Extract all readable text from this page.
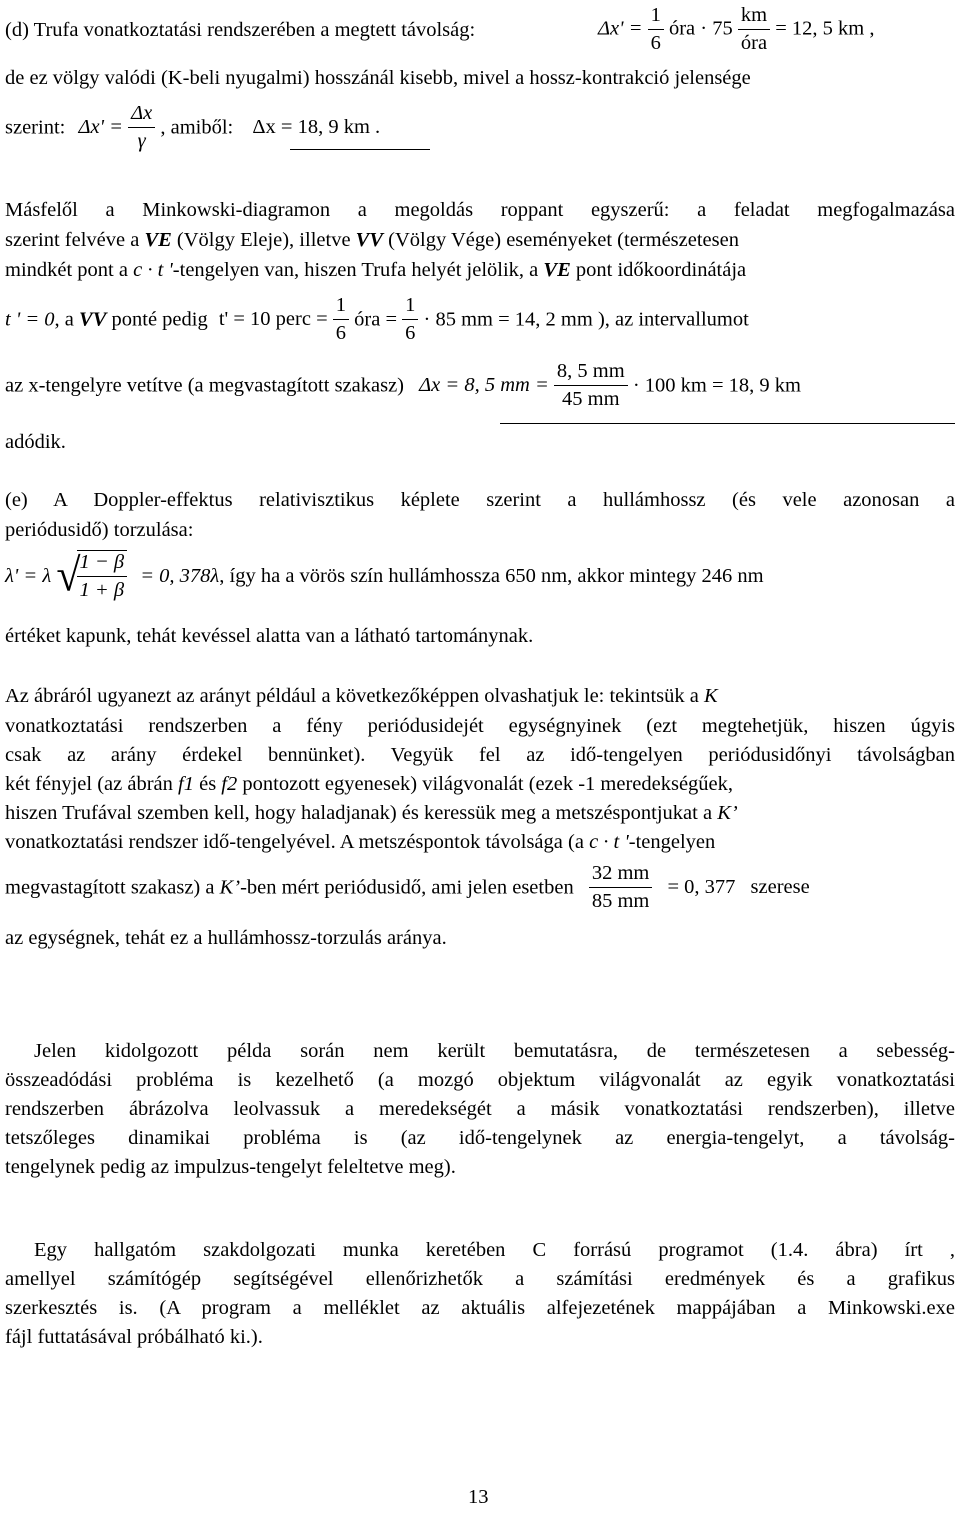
(d) Trufa vonatkoztatási rendszerében a megtett távolság:	$\Delta x' = \frac{1}{6}$ óra · $75 \frac{km}{\text{óra}} = 12$, 5 km ,
de ez völgy valódi (K-beli nyugalmi) hosszánál kisebb, mivel a hossz-kontrakció jelensége
szerint: $\Delta x' = \frac{\Delta x}{\gamma}$ , amiből: Δx = 18, 9 km .
Másfelől a Minkowski-diagramon a megoldás roppant egyszerű: a feladat megfogalmazása
szerint felvéve a VE (Völgy Eleje), illetve VV (Völgy Vége) eseményeket (természetesen
mindkét pont a c · t '-tengelyen van, hiszen Trufa helyét jelölik, a VE pont időkoordinátája
t ' = 0, a VV ponté pedig t' = 10 perc = $\frac{1}{6}$ óra = $\frac{1}{6} \cdot 85$ mm = 14, 2 mm ), az intervallumot
az x-tengelyre vetítve (a megvastagított szakasz) Δx = 8, 5 mm = $\frac{8, 5 mm}{45 mm} \cdot 100$ km = 18, 9 km
adódik.
(e) A Doppler-effektus relativisztikus képlete szerint a hullámhossz (és vele azonosan a
periódusidő) torzulása:
λ' = λ √
$\frac{1 - \beta}{1 + \beta} = 0$, 378λ, így ha a vörös szín hullámhossza 650 nm, akkor mintegy 246 nm
értéket kapunk, tehát kevéssel alatta van a látható tartománynak.
Az ábráról ugyanezt az arányt például a következőképpen olvashatjuk le: tekintsük a K
vonatkoztatási rendszerben a fény periódusidejét egységnyinek (ezt megtehetjük, hiszen úgyis
csak az arány érdekel bennünket). Vegyük fel az idő-tengelyen periódusidőnyi távolságban
két fényjel (az ábrán f1 és f2 pontozott egyenesek) világvonalát (ezek -1 meredekségűek,
hiszen Trufával szemben kell, hogy haladjanak) és keressük meg a metszéspontjukat a K’
vonatkoztatási rendszer idő-tengelyével. A metszéspontok távolsága (a c · t '-tengelyen
megvastagított szakasz) a K’-ben mért periódusidő, ami jelen esetben $\frac{32 mm}{85 mm} = 0$, 377 szerese
az egységnek, tehát ez a hullámhossz-torzulás aránya.
Jelen kidolgozott példa során nem került bemutatásra, de természetesen a sebesség-
összeadódási probléma is kezelhető (a mozgó objektum világvonalát az egyik vonatkoztatási
rendszerben ábrázolva leolvassuk a meredekségét a másik vonatkoztatási rendszerben), illetve
tetszőleges dinamikai probléma is (az idő-tengelynek az energia-tengelyt, a távolság-
tengelynek pedig az impulzus-tengelyt feleltetve meg).
Egy hallgatóm szakdolgozati munka keretében C forrású programot (1.4. ábra) írt ,
amellyel számítógép segítségével ellenőrizhetők a számítási eredmények és a grafikus
szerkesztés is. (A program a melléklet az aktuális alfejezetének mappájában a Minkowski.exe
fájl futtatásával próbálható ki.).
13
